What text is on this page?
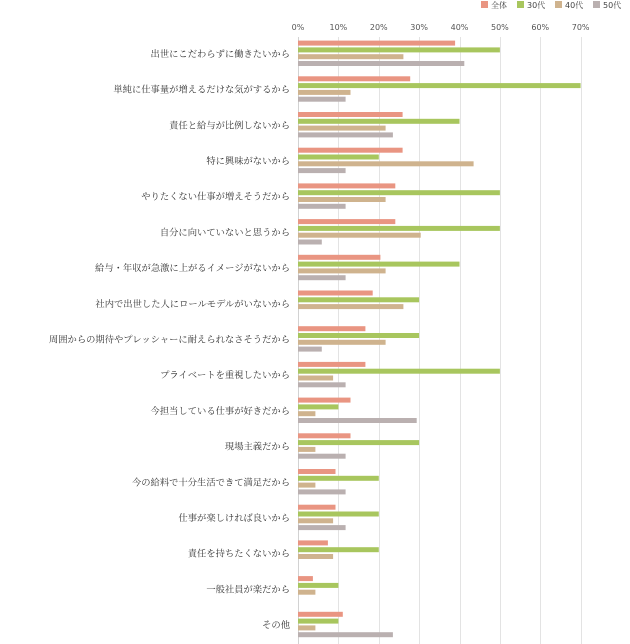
0%	10%	20%	30%	40%	50%	60%	70%
出世にこだわらずに働きたいから
単純に仕事量が増えるだけな気がするから
責任と給与が比例しないから
特に興味がないから
やりたくない仕事が増えそうだから
自分に向いていないと思うから
給与・年収が急激に上がるイメージがないから
社内で出世した人にロールモデルがいないから
周囲からの期待やプレッシャーに耐えられなさそうだから
プライベートを重視したいから
今担当している仕事が好きだから
現場主義だから
今の給料で十分生活できて満足だから
仕事が楽しければ良いから
責任を持ちたくないから
一般社員が楽だから
その他
全体	30代 40代 50代
